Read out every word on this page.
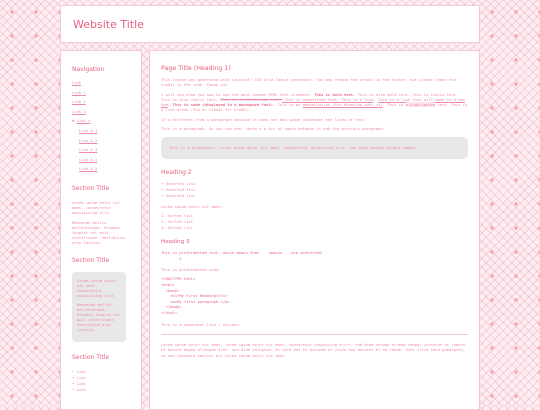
Website Title
Navigation
Link
Link 1
Link 2
Link 3
▼ Link 4
Link 4.1
Link 4.2
Link 4.3
Link 4.4
Link 4.5
Section Title

Lorem ipsum dolor sit amet, consectetur adipisicing elit.

Maecenas mollis pellentesque. Vivamus feugiat vel quis scelerisque. Vestibulum eros lacinia.

Section Title

Lorem ipsum dolor sit amet, consectetur adipisicing elit.

Maecenas mollis pellentesque. Vivamus feugiat vel quis scelerisque. Vestibulum eros lacinia.

Section Title
• Link
• Link
• Link
• Link
Page Title (Heading 1)

This layout was generated with Layoutit! CSS Grid layout generator. You may remove the credit in the footer, but please leave the credit in the code. Thank you.

I will now show you how to use the most common HTML text elements: This is bold text. This is also bold text. This is italic text. This is also italic text. This is strikethrough text. This is underlined text. This is a link. This is a link that will open in a new tab. This is code (displayed in a monospace font). This is an abbreviation (For hovering over it). This is a highlighted text. This is a line break (the br stands for break):

It's different from a paragraph because it does not add space inbetween the lines of text.

This is a paragraph. As you can see, there's a bit of space between it and the previous paragraph.

This is a blockquote. Lorem ipsum dolor sit amet, consectetur adipiscing elit, sed diam nonumy eirmod tempor.
Heading 2
• Unsorted list
• Unsorted list
• Unsorted list

Lorem ipsum dolor sit amet:

1. Sorted list
2. Sorted list
3. Sorted list
Heading 3
This is preformatted text, which means that    spaces    are preserved:
X

This is preformatted code:

<!DOCTYPE html>
<html>
<body>
<h1>My First Heading</h1>
<p>My first paragraph.</p>
</body>
</html>

This is a separator line / divider:

Lorem ipsum dolor sit amet, lorem ipsum dolor sit amet, consetetur sadipscing elitr, sed diam nonumy eirmod tempor invidunt ut labore et dolore magna aliquyam erat, sed diam voluptua. At vero eos et accusam et justo duo dolores et ea rebum. Stet clita kasd gubergren, no sea takimata sanctus est Lorem ipsum dolor sit amet.
